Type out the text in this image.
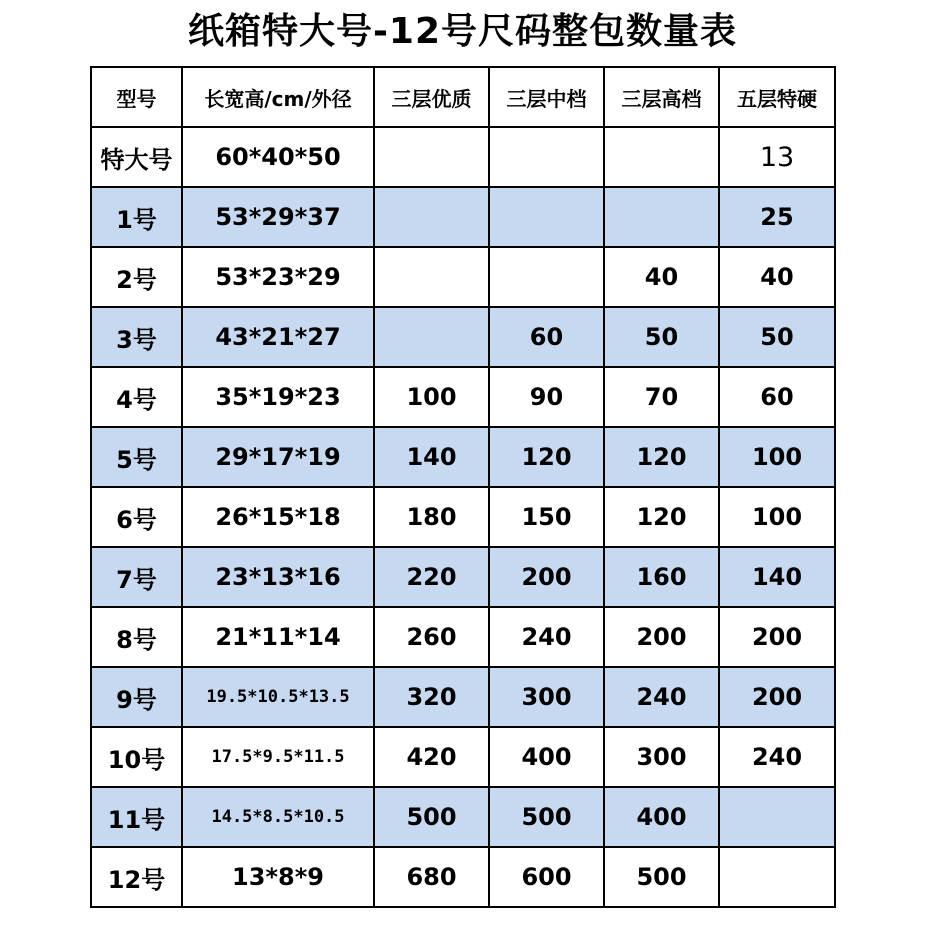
纸箱特大号-12号尺码整包数量表
型号	长宽高/cm/外径	三层优质	三层中档	三层高档	五层特硬
特大号	60*40*50				13
1号	53*29*37				25
2号	53*23*29			40	40
3号	43*21*27		60	50	50
4号	35*19*23	100	90	70	60
5号	29*17*19	140	120	120	100
6号	26*15*18	180	150	120	100
7号	23*13*16	220	200	160	140
8号	21*11*14	260	240	200	200
9号	19.5*10.5*13.5	320	300	240	200
10号	17.5*9.5*11.5	420	400	300	240
11号	14.5*8.5*10.5	500	500	400	
12号	13*8*9	680	600	500	
